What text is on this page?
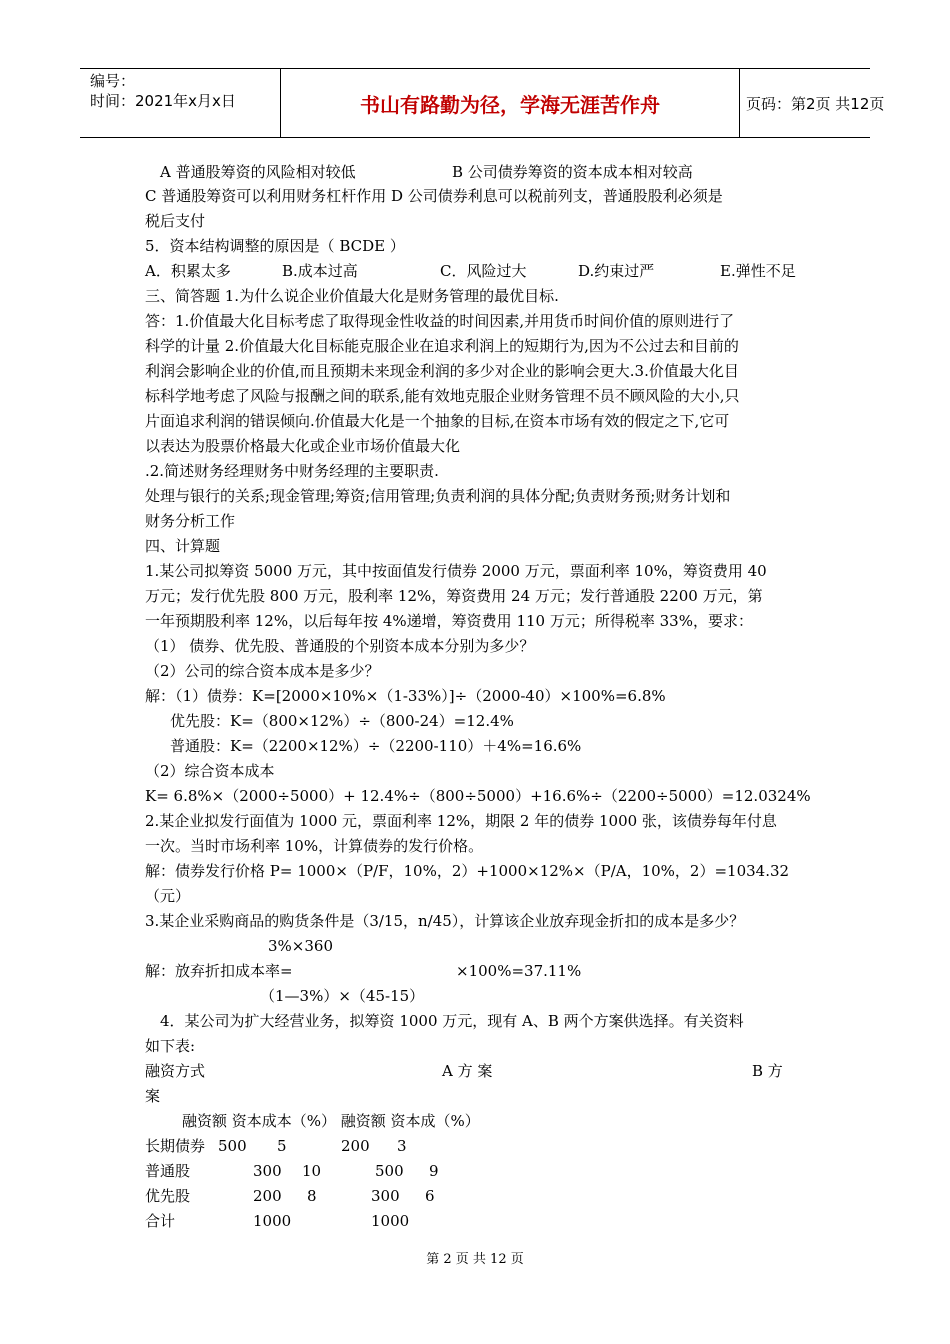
编号：
时间：2021年x月x日	书山有路勤为径，学海无涯苦作舟	页码：第2页 共12页
A 普通股筹资的风险相对较低	B 公司债券筹资的资本成本相对较高
C 普通股筹资可以利用财务杠杆作用 D 公司债券利息可以税前列支，普通股股利必须是
税后支付
5．资本结构调整的原因是（ BCDE ）
A．积累太多	B.成本过高	C．风险过大	D.约束过严	E.弹性不足
三、简答题 1.为什么说企业价值最大化是财务管理的最优目标.
答：1.价值最大化目标考虑了取得现金性收益的时间因素,并用货币时间价值的原则进行了
科学的计量 2.价值最大化目标能克服企业在追求利润上的短期行为,因为不公过去和目前的
利润会影响企业的价值,而且预期未来现金利润的多少对企业的影响会更大.3.价值最大化目
标科学地考虑了风险与报酬之间的联系,能有效地克服企业财务管理不员不顾风险的大小,只
片面追求利润的错误倾向.价值最大化是一个抽象的目标,在资本市场有效的假定之下,它可
以表达为股票价格最大化或企业市场价值最大化
.2.简述财务经理财务中财务经理的主要职责.
处理与银行的关系;现金管理;筹资;信用管理;负责利润的具体分配;负责财务预;财务计划和
财务分析工作
四、计算题
1.某公司拟筹资 5000 万元，其中按面值发行债券 2000 万元，票面利率 10%，筹资费用 40
万元；发行优先股 800 万元，股利率 12%，筹资费用 24 万元；发行普通股 2200 万元，第
一年预期股利率 12%，以后每年按 4%递增，筹资费用 110 万元；所得税率 33%，要求：
（1） 债券、优先股、普通股的个别资本成本分别为多少？
（2）公司的综合资本成本是多少？
解：（1）债券：K=[2000×10%×（1-33%）]÷（2000-40）×100%=6.8%
优先股：K=（800×12%）÷（800-24）=12.4%
普通股：K=（2200×12%）÷（2200-110）＋4%=16.6%
（2）综合资本成本
K= 6.8%×（2000÷5000）+ 12.4%÷（800÷5000）+16.6%÷（2200÷5000）=12.0324%
2.某企业拟发行面值为 1000 元，票面利率 12%，期限 2 年的债券 1000 张，该债券每年付息
一次。当时市场利率 10%，计算债券的发行价格。
解：债券发行价格 P= 1000×（P/F，10%，2）+1000×12%×（P/A，10%，2）=1034.32
（元）
3.某企业采购商品的购货条件是（3/15，n/45），计算该企业放弃现金折扣的成本是多少？
3%×360
解：放弃折扣成本率=	×100%=37.11%
（1—3%）×（45-15）
4．某公司为扩大经营业务，拟筹资 1000 万元，现有 A、B 两个方案供选择。有关资料
如下表:
融资方式	A 方 案	B 方
案
融资额 资本成本（%） 融资额 资本成（%）
长期债券 500 5	200 3
普通股	300 10	500 9
优先股	200 8	300 6
合计	1000	1000
第 2 页 共 12 页
